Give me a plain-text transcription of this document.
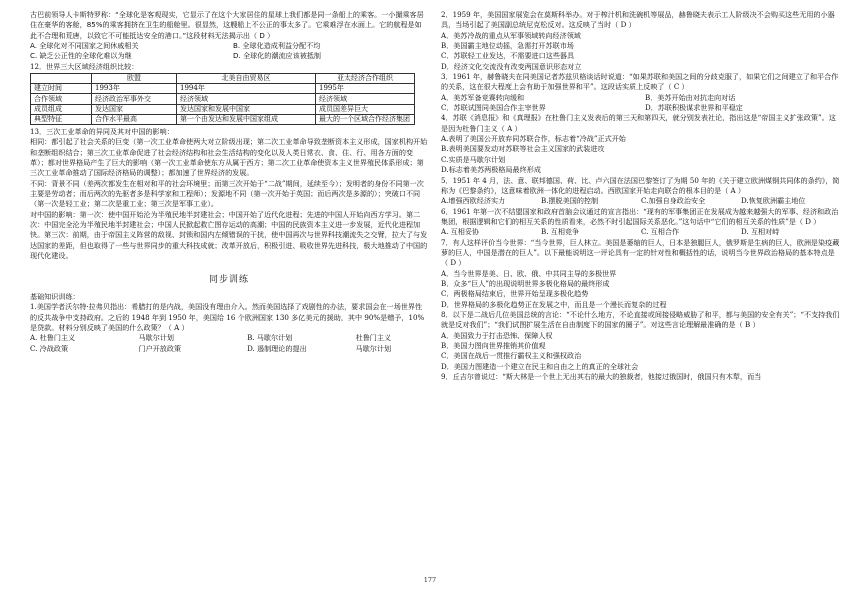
古巴前领导人卡斯特罗称：“全球化是客观现实，它显示了在这个大家居住的星球上我们都是同一条船上的乘客。一小撮乘客居住在豪华的客舱，85%的乘客拥挤在卫生的船舱里。很显然，这艘船上不公正的事太多了。它乘难浮在水面上。它的航程是如此不合理和荒唐，以致它不可能抵达安全的港口。”这段材料无法揭示出（ D ）

A. 全球化对不同国家之间休戚相关	B. 全球化造成利益分配不均
C. 缺乏公正性的全球化难以为继	D. 全球化的潮流应该被抵制

12．世界三大区域经济组织比较：

	欧盟	北美自由贸易区	亚太经济合作组织
建立时间	1993年	1994年	1995年
合作领域	经济政治军事外交	经济领域	经济领域
成员组成	发达国家	发达国家和发展中国家	成员国差异巨大
典型特征	合作水平最高	第一个由发达和发展中国家组成	最大的一个区域合作经济集团

13．三次工业革命的异同及其对中国的影响：

相同：都引起了社会关系的巨变（第一次工业革命使两大对立阶级出现；第二次工业革命导致垄断资本主义形成，国家机构开始和垄断组织结合；第三次工业革命促进了社会经济结构和社会生活结构的变化以及人类日常衣、食、住、行、用各方面的变革）；都对世界格局产生了巨大的影响（第一次工业革命使东方从属于西方；第二次工业革命使资本主义世界殖民体系形成；第三次工业革命推动了国际经济格局的调整）；都加速了世界经济的发展。

不同：背景不同（差两次都发生在相对和平的社会环境里；而第三次开始于“二战”期间，延续至今）；发明者的身份不同第一次主要是劳动者；而后两次的先驱者多是科学家和工程师）；发源地不同（第一次开始于英国；而后两次是多源的）；突破口不同（第一次是轻工业；第二次是重工业；第三次是军事工业）。

对中国的影响：第一次：使中国开始沦为半殖民地半封建社会；中国开始了近代化进程；先进的中国人开始向西方学习。第二次：中国完全沦为半殖民地半封建社会；中国人民掀起救亡图存运动的高潮；中国的民族资本主义进一步发展，近代化进程加快。第三次：前期，由于帝国主义阵营的敌视、封锁和国内左倾错误的干扰，使中国再次与世界科技潮流失之交臂，拉大了与发达国家的差距，但也取得了一些与世界同步的重大科技成就；改革开放后，积极引进、吸收世界先进科技，极大地推动了中国的现代化建设。

同步训练

基础知识训练：

1.美国学者沃尔特·拉弗贝指出：希腊打的是内战，美国没有理由介入。然而美国选择了戏剧性的办法，要求国会在一场世界性的反共战争中支持政府。之后的 1948 年到 1950 年，美国给 16 个欧洲国家 130 多亿美元的援助，其中 90%是赠予，10%是贷款。材料分别反映了美国的什么政策？（ A ）

A. 杜鲁门主义	马歇尔计划	B. 马歇尔计划	杜鲁门主义
C. 冷战政策	门户开放政策	D. 遏制理论的提出	马歇尔计划

2．1959 年，美国国家展览会在莫斯科举办。对于榨汁机和洗碗机等展品，赫鲁晓夫表示工人阶级决不会购买这些无用的小器具，当场引起了美国副总统尼克松反对。这反映了当时（ D ）

A．美苏冷战的重点从军事领域转向经济领域

B．美国霸主地位动摇，急需打开苏联市场

C．苏联轻工业发达，不需要进口这些器具

D．经济文化交流没有改变两国意识形态对立

3．1961 年，赫鲁晓夫在同美国记者苏兹贝格谈话时说道：“如果苏联和美国之间的分歧克服了，如果它们之间建立了和平合作的关系，这在很大程度上会有助于加强世界和平”。这段话实质上反映了（ C ）

A．美苏军备竞赛转向缓和	B．美苏开始由对抗走向对话
C．苏联试图同美国合作主宰世界	D．苏联积极谋求世界和平稳定

4．苏联《消息报》和《真理报》在杜鲁门主义发表后的第三天和第四天，就分别发表社论，指出这是“帝国主义扩张政策”。这是因为杜鲁门主义（ A ）

A.表明了美国公开放弃同苏联合作，标志着“冷战”正式开始

B.表明美国要发动对苏联等社会主义国家的武装进攻

C.实质是马歇尔计划

D.标志着美苏两极格局最终形成

5．1951 年 4 月，法、意、联邦德国、荷、比、卢六国在法国巴黎签订了为期 50 年的《关于建立欧洲煤钢共同体的条约》，简称为《巴黎条约》，这意味着欧洲一体化的进程启动。西欧国家开始走向联合的根本目的是（ A ）

A.增强西欧经济实力	B.摆脱美国的控制	C.加强自身政治安全	D.恢复欧洲霸主地位

6．1961 年第一次不结盟国家和政府首脑会议通过的宣言指出：“现有的军事集团正在发展成为越来越强大的军事、经济和政治集团，根据逻辑和它们的相互关系的性质看来，必然不时引起国际关系恶化。”这句话中“它们的相互关系的性质”是（ D ）

A. 互相妥协	B. 互相竞争	C. 互相合作	D. 互相对峙

7．有人这样评价当今世界：“当今世界，巨人林立。美国是萎缩的巨人，日本是独腿巨人，俄罗斯是生病的巨人，欧洲是染疫藏萝的巨人，中国是潜在的巨人”。以下最能说明这一评论具有一定的针对性和概括性的话，说明当今世界政治格局的基本特点是（ D ）

A．当今世界是美、日、欧、俄、中共同主导的多极世界

B．众多“巨人”的出现说明世界多极化格局的最终形成

C．两极格局结束后，世界开始呈现多极化趋势

D．世界格局的多极化趋势正在发展之中，而且是一个漫长而复杂的过程

8．以下是二战后几位美国总统的言论：“不论什么地方，不论直接或间接侵略威胁了和平，都与美国的安全有关”；“不支持我们就是反对我们”；“我们试图扩展生活在自由制度下的国家的圈子”。对这些言论理解最准确的是（ B ）

A．美国致力于打击恐怖、保障人权

B．美国力图向世界推销其价值观

C．美国在战后一贯推行霸权主义和强权政治

D．美国力图建造一个建立在民主和自由之上的真正的全球社会

9．丘吉尔曾说过：“斯大林是一个世上无出其右的最大的独裁者，他接过俄国时，俄国只有木犁，而当

177
